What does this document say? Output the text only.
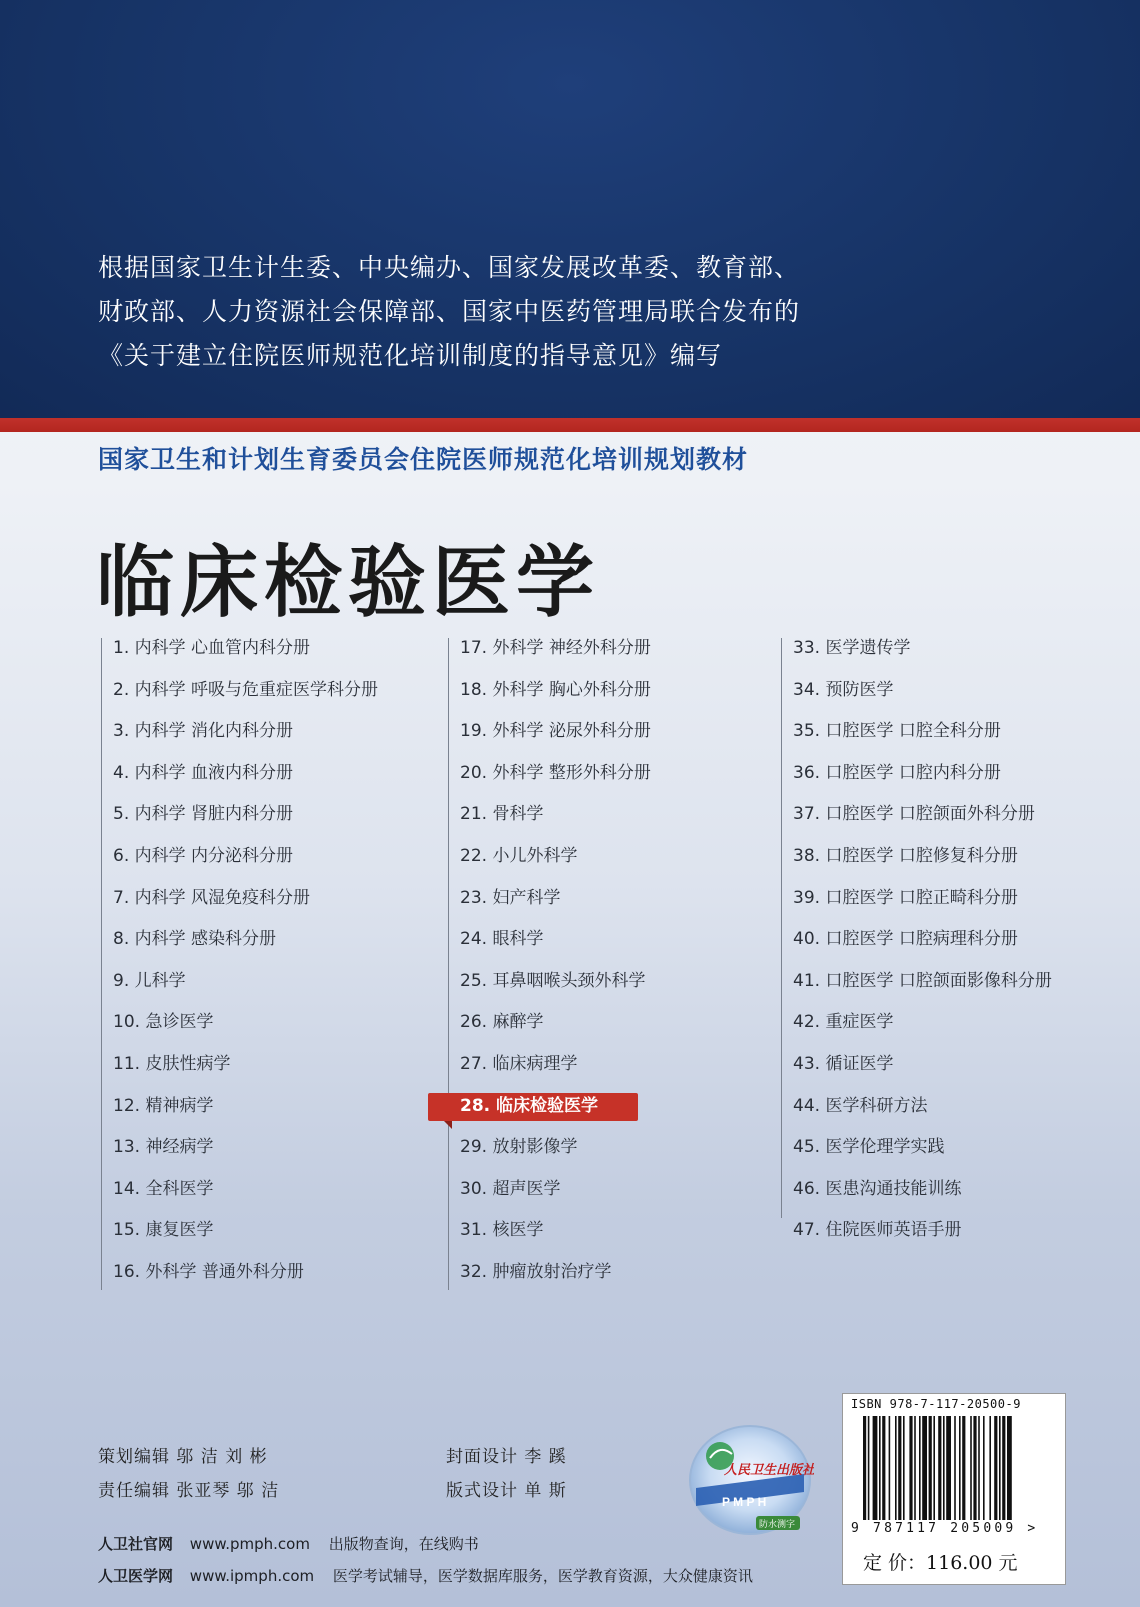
根据国家卫生计生委、中央编办、国家发展改革委、教育部、
财政部、人力资源社会保障部、国家中医药管理局联合发布的
《关于建立住院医师规范化培训制度的指导意见》编写
国家卫生和计划生育委员会住院医师规范化培训规划教材
临床检验医学
1. 内科学 心血管内科分册
2. 内科学 呼吸与危重症医学科分册
3. 内科学 消化内科分册
4. 内科学 血液内科分册
5. 内科学 肾脏内科分册
6. 内科学 内分泌科分册
7. 内科学 风湿免疫科分册
8. 内科学 感染科分册
9. 儿科学
10. 急诊医学
11. 皮肤性病学
12. 精神病学
13. 神经病学
14. 全科医学
15. 康复医学
16. 外科学 普通外科分册
17. 外科学 神经外科分册
18. 外科学 胸心外科分册
19. 外科学 泌尿外科分册
20. 外科学 整形外科分册
21. 骨科学
22. 小儿外科学
23. 妇产科学
24. 眼科学
25. 耳鼻咽喉头颈外科学
26. 麻醉学
27. 临床病理学
28. 临床检验医学
29. 放射影像学
30. 超声医学
31. 核医学
32. 肿瘤放射治疗学
33. 医学遗传学
34. 预防医学
35. 口腔医学 口腔全科分册
36. 口腔医学 口腔内科分册
37. 口腔医学 口腔颌面外科分册
38. 口腔医学 口腔修复科分册
39. 口腔医学 口腔正畸科分册
40. 口腔医学 口腔病理科分册
41. 口腔医学 口腔颌面影像科分册
42. 重症医学
43. 循证医学
44. 医学科研方法
45. 医学伦理学实践
46. 医患沟通技能训练
47. 住院医师英语手册
策划编辑 邬 洁 刘 彬
责任编辑 张亚琴 邬 洁
封面设计 李 蹊
版式设计 单 斯
人卫社官网 www.pmph.com 出版物查询，在线购书
人卫医学网 www.ipmph.com 医学考试辅导，医学数据库服务，医学教育资源，大众健康资讯
人民卫生出版社
P M P H
防水测字
ISBN 978-7-117-20500-9
9 787117 205009 >
定 价：116.00 元
